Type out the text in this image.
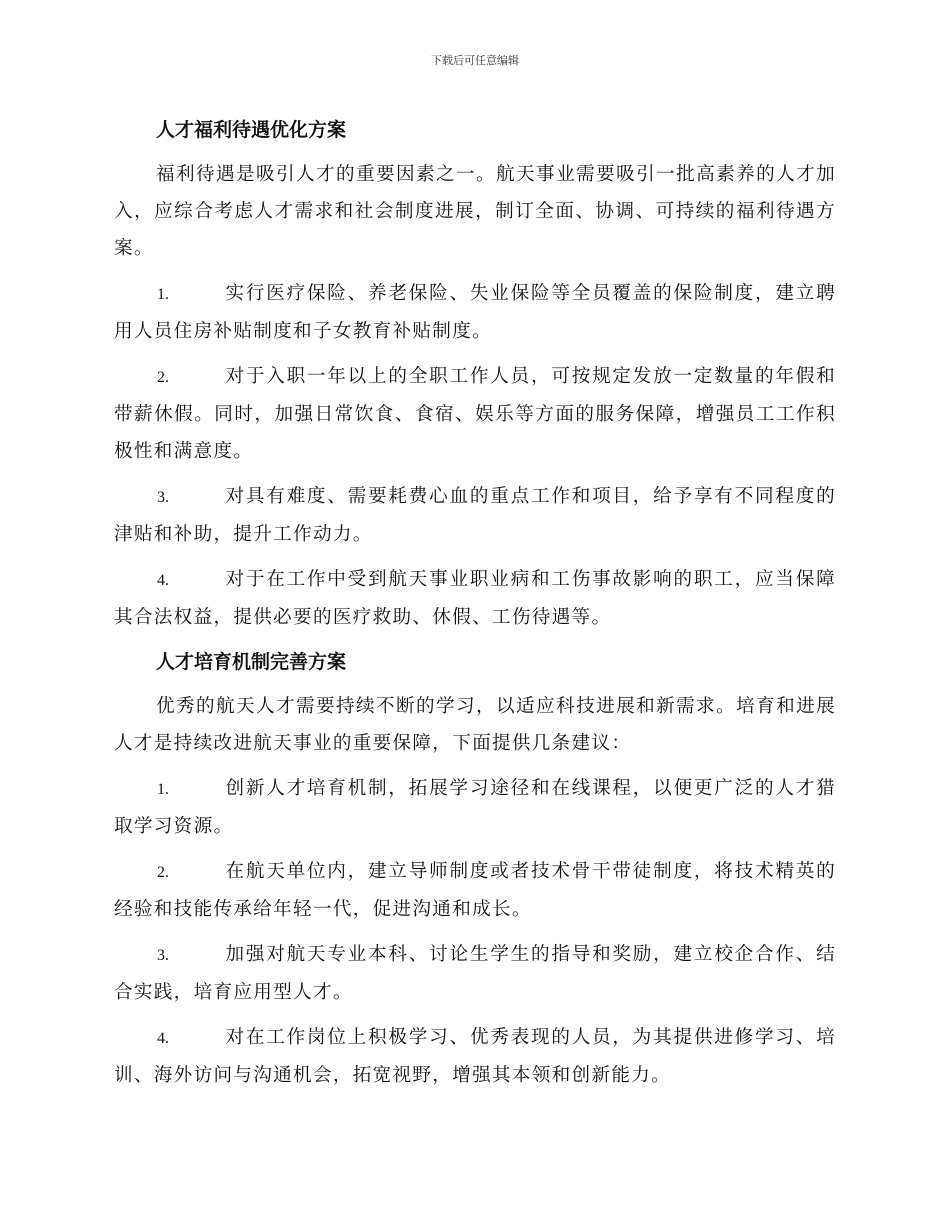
下载后可任意编辑
人才福利待遇优化方案

福利待遇是吸引人才的重要因素之一。航天事业需要吸引一批高素养的人才加入，应综合考虑人才需求和社会制度进展，制订全面、协调、可持续的福利待遇方案。

1.	实行医疗保险、养老保险、失业保险等全员覆盖的保险制度，建立聘用人员住房补贴制度和子女教育补贴制度。

2.	对于入职一年以上的全职工作人员，可按规定发放一定数量的年假和带薪休假。同时，加强日常饮食、食宿、娱乐等方面的服务保障，增强员工工作积极性和满意度。

3.	对具有难度、需要耗费心血的重点工作和项目，给予享有不同程度的津贴和补助，提升工作动力。

4.	对于在工作中受到航天事业职业病和工伤事故影响的职工，应当保障其合法权益，提供必要的医疗救助、休假、工伤待遇等。

人才培育机制完善方案

优秀的航天人才需要持续不断的学习，以适应科技进展和新需求。培育和进展人才是持续改进航天事业的重要保障，下面提供几条建议：

1.	创新人才培育机制，拓展学习途径和在线课程，以便更广泛的人才猎取学习资源。

2.	在航天单位内，建立导师制度或者技术骨干带徒制度，将技术精英的经验和技能传承给年轻一代，促进沟通和成长。

3.	加强对航天专业本科、讨论生学生的指导和奖励，建立校企合作、结合实践，培育应用型人才。

4.	对在工作岗位上积极学习、优秀表现的人员，为其提供进修学习、培训、海外访问与沟通机会，拓宽视野，增强其本领和创新能力。
